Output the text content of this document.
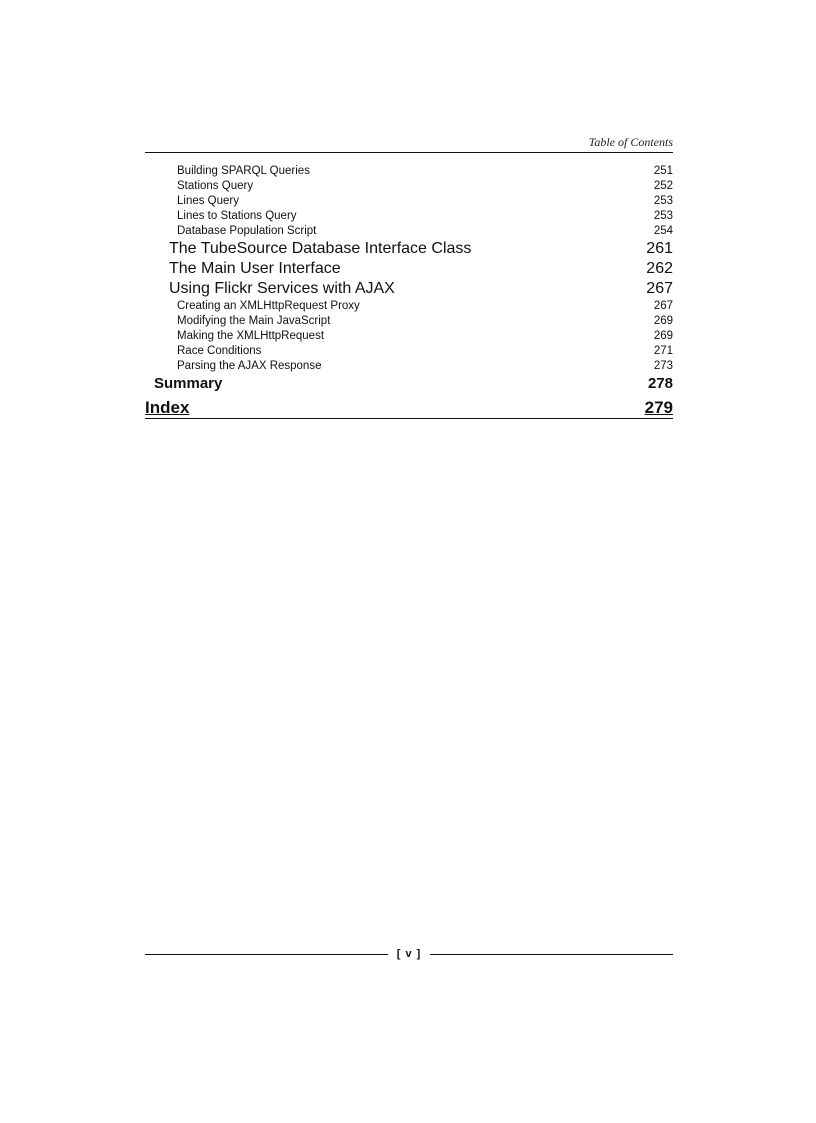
Table of Contents
Building SPARQL Queries	251
Stations Query	252
Lines Query	253
Lines to Stations Query	253
Database Population Script	254
The TubeSource Database Interface Class	261
The Main User Interface	262
Using Flickr Services with AJAX	267
Creating an XMLHttpRequest Proxy	267
Modifying the Main JavaScript	269
Making the XMLHttpRequest	269
Race Conditions	271
Parsing the AJAX Response	273
Summary	278
Index	279
[ v ]
